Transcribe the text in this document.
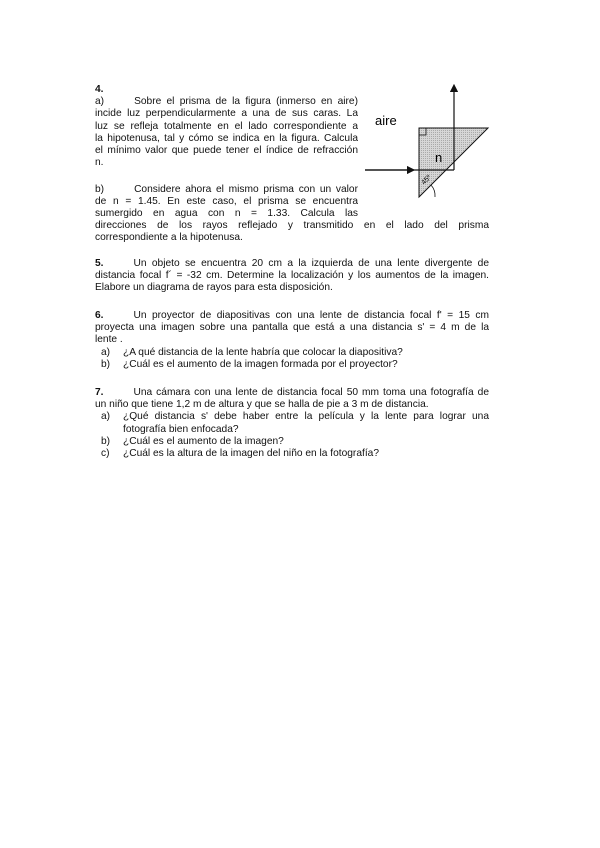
4.
a)	Sobre el prisma de la figura (inmerso en aire)
incide luz perpendicularmente a una de sus caras. La
luz se refleja totalmente en el lado correspondiente a
la hipotenusa, tal y cómo se indica en la figura. Calcula
el mínimo valor que puede tener el índice de refracción
n.
b)	Considere ahora el mismo prisma con un valor
de n = 1.45. En este caso, el prisma se encuentra
sumergido en agua con n = 1.33. Calcula las
direcciones de los rayos reflejado y transmitido en el lado del prisma
correspondiente a la hipotenusa.
aire
n
45º
5.	Un objeto se encuentra 20 cm a la izquierda de una lente divergente de
distancia focal f´ = -32 cm. Determine la localización y los aumentos de la imagen.
Elabore un diagrama de rayos para esta disposición.
6.	Un proyector de diapositivas con una lente de distancia focal f' = 15 cm
proyecta una imagen sobre una pantalla que está a una distancia s' = 4 m de la
lente .
a)	¿A qué distancia de la lente habría que colocar la diapositiva?
b)	¿Cuál es el aumento de la imagen formada por el proyector?
7.	Una cámara con una lente de distancia focal 50 mm toma una fotografía de
un niño que tiene 1,2 m de altura y que se halla de pie a 3 m de distancia.
a)	¿Qué distancia s' debe haber entre la película y la lente para lograr una fotografía bien enfocada?
b)	¿Cuál es el aumento de la imagen?
c)	¿Cuál es la altura de la imagen del niño en la fotografía?
